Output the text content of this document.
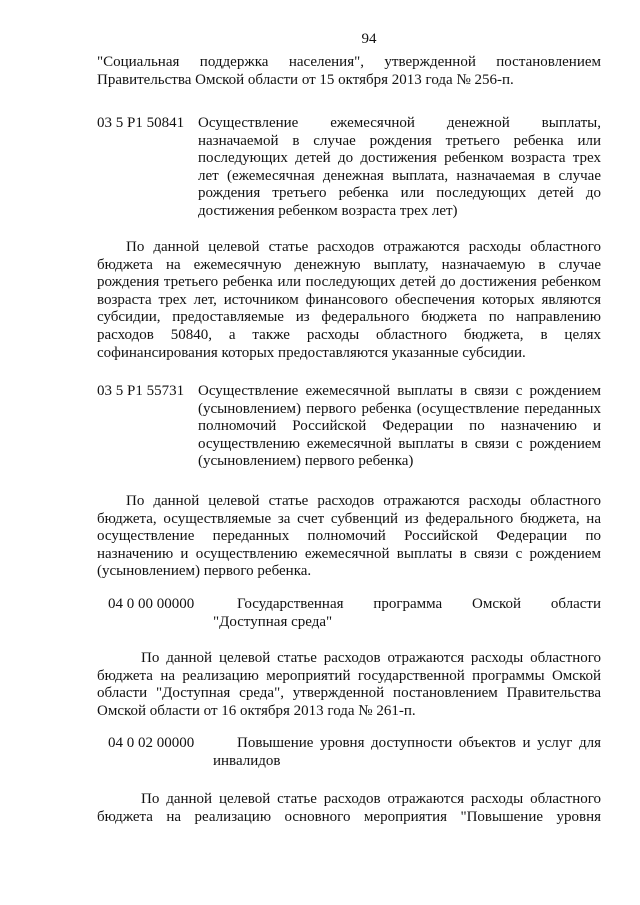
94
"Социальная поддержка населения", утвержденной постановлением
Правительства Омской области от 15 октября 2013 года № 256-п.
03 5 P1 50841 Осуществление ежемесячной денежной выплаты,
назначаемой в случае рождения третьего ребенка или
последующих детей до достижения ребенком возраста трех
лет (ежемесячная денежная выплата, назначаемая в случае
рождения третьего ребенка или последующих детей до
достижения ребенком возраста трех лет)
По данной целевой статье расходов отражаются расходы областного
бюджета на ежемесячную денежную выплату, назначаемую в случае
рождения третьего ребенка или последующих детей до достижения ребенком
возраста трех лет, источником финансового обеспечения которых являются
субсидии, предоставляемые из федерального бюджета по направлению
расходов 50840, а также расходы областного бюджета, в целях
софинансирования которых предоставляются указанные субсидии.
03 5 P1 55731 Осуществление ежемесячной выплаты в связи с рождением
(усыновлением) первого ребенка (осуществление переданных
полномочий Российской Федерации по назначению и
осуществлению ежемесячной выплаты в связи с рождением
(усыновлением) первого ребенка)
По данной целевой статье расходов отражаются расходы областного
бюджета, осуществляемые за счет субвенций из федерального бюджета, на
осуществление переданных полномочий Российской Федерации по
назначению и осуществлению ежемесячной выплаты в связи с рождением
(усыновлением) первого ребенка.
04 0 00 00000	Государственная программа Омской области
"Доступная среда"
По данной целевой статье расходов отражаются расходы областного
бюджета на реализацию мероприятий государственной программы Омской
области "Доступная среда", утвержденной постановлением Правительства
Омской области от 16 октября 2013 года № 261-п.
04 0 02 00000	Повышение уровня доступности объектов и услуг для
инвалидов
По данной целевой статье расходов отражаются расходы областного
бюджета на реализацию основного мероприятия "Повышение уровня
